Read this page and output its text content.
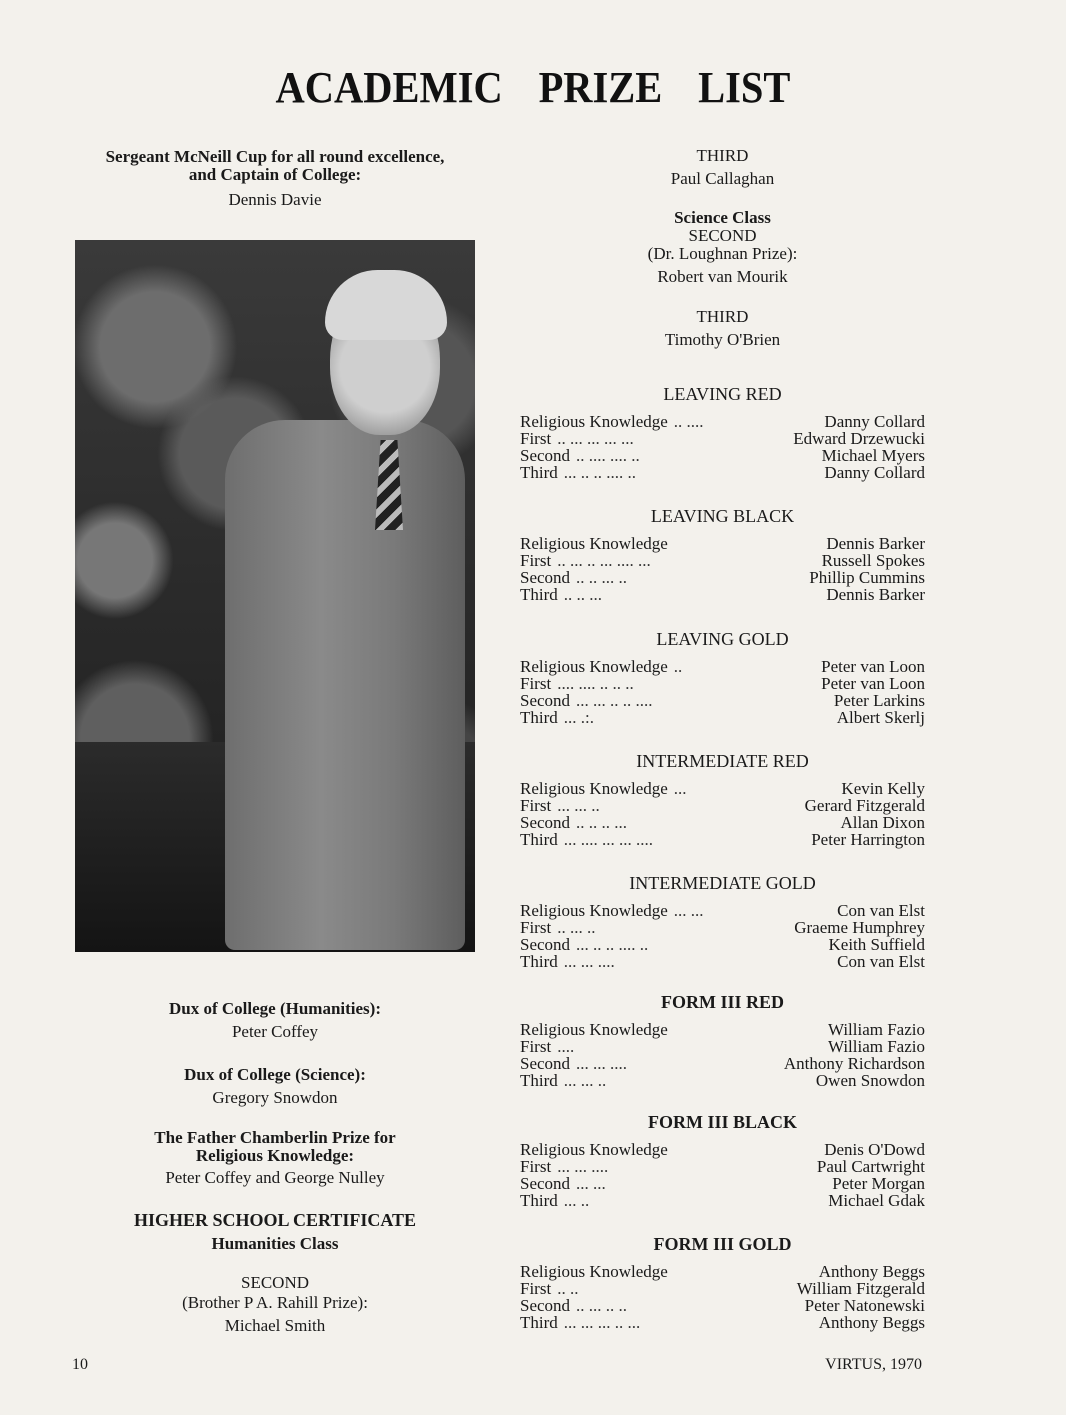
ACADEMIC PRIZE LIST
Sergeant McNeill Cup for all round excellence,
and Captain of College:
Dennis Davie
Dux of College (Humanities):
Peter Coffey
Dux of College (Science):
Gregory Snowdon
The Father Chamberlin Prize for
Religious Knowledge:
Peter Coffey and George Nulley
HIGHER SCHOOL CERTIFICATE
Humanities Class
SECOND
(Brother P A. Rahill Prize):
Michael Smith
THIRD
Paul Callaghan
Science Class
SECOND
(Dr. Loughnan Prize):
Robert van Mourik
THIRD
Timothy O'Brien
LEAVING RED
Religious Knowledge .. ....	Danny Collard
First .. ... ... ... ...	Edward Drzewucki
Second .. .... .... ..	Michael Myers
Third ... .. .. .... ..	Danny Collard
LEAVING BLACK
Religious Knowledge	Dennis Barker
First .. ... .. ... .... ...	Russell Spokes
Second .. .. ... ..	Phillip Cummins
Third .. .. ...	Dennis Barker
LEAVING GOLD
Religious Knowledge ..	Peter van Loon
First .... .... .. .. ..	Peter van Loon
Second ... ... .. .. ....	Peter Larkins
Third ... .:.	Albert Skerlj
INTERMEDIATE RED
Religious Knowledge ...	Kevin Kelly
First ... ... ..	Gerard Fitzgerald
Second .. .. .. ...	Allan Dixon
Third ... .... ... ... ....	Peter Harrington
INTERMEDIATE GOLD
Religious Knowledge ... ...	Con van Elst
First .. ... ..	Graeme Humphrey
Second ... .. .. .... ..	Keith Suffield
Third ... ... ....	Con van Elst
FORM III RED
Religious Knowledge	William Fazio
First ....	William Fazio
Second ... ... ....	Anthony Richardson
Third ... ... ..	Owen Snowdon
FORM III BLACK
Religious Knowledge	Denis O'Dowd
First ... ... ....	Paul Cartwright
Second ... ...	Peter Morgan
Third ... ..	Michael Gdak
FORM III GOLD
Religious Knowledge	Anthony Beggs
First .. ..	William Fitzgerald
Second .. ... .. ..	Peter Natonewski
Third ... ... ... .. ...	Anthony Beggs
10	VIRTUS, 1970
